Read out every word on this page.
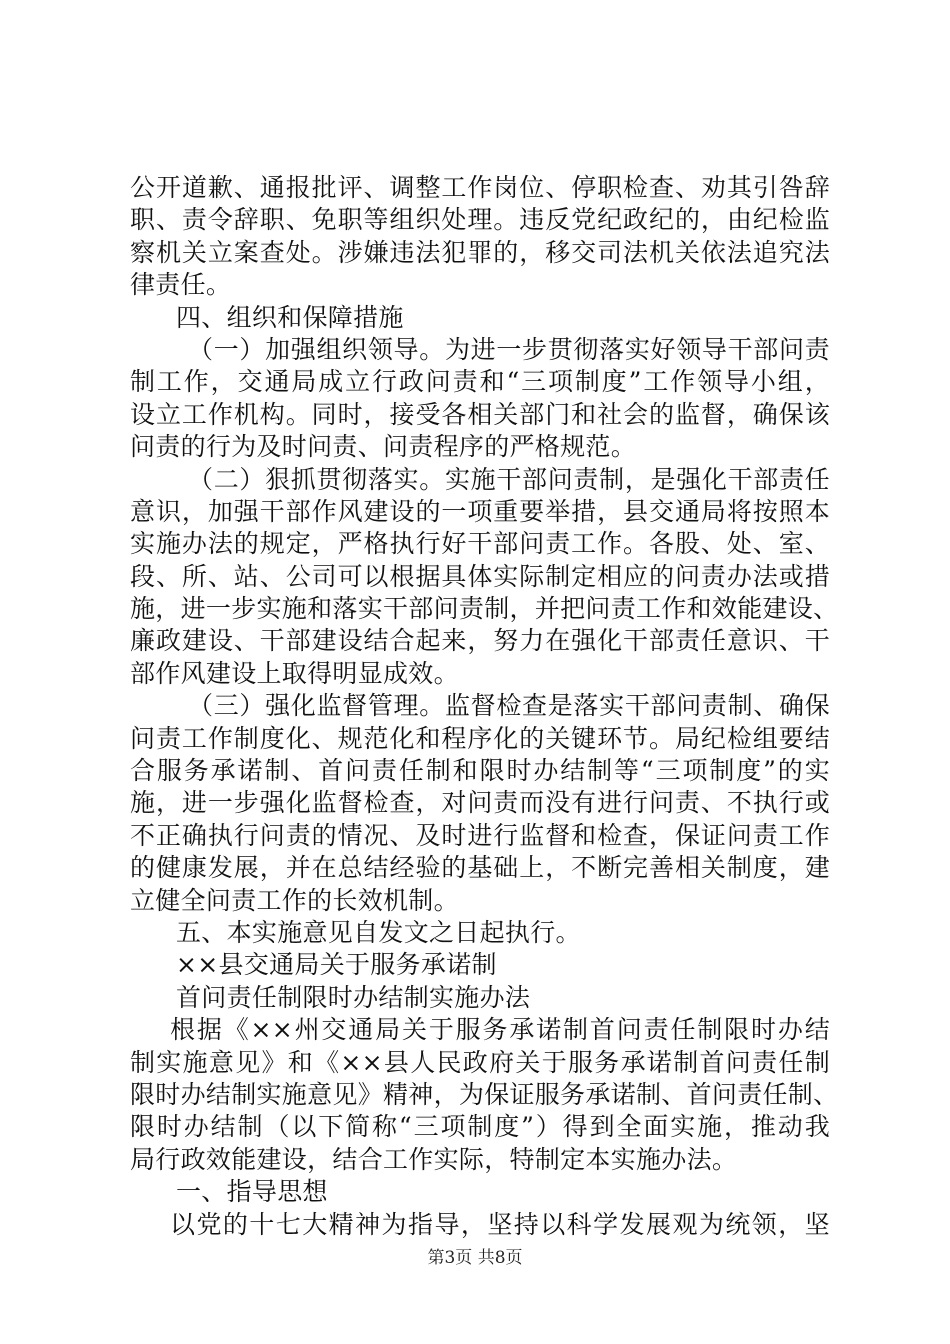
公开道歉、通报批评、调整工作岗位、停职检查、劝其引咎辞
职、责令辞职、免职等组织处理。违反党纪政纪的，由纪检监
察机关立案查处。涉嫌违法犯罪的，移交司法机关依法追究法
律责任。
四、组织和保障措施
（一）加强组织领导。为进一步贯彻落实好领导干部问责
制工作，交通局成立行政问责和“三项制度”工作领导小组，
设立工作机构。同时，接受各相关部门和社会的监督，确保该
问责的行为及时问责、问责程序的严格规范。
（二）狠抓贯彻落实。实施干部问责制，是强化干部责任
意识，加强干部作风建设的一项重要举措，县交通局将按照本
实施办法的规定，严格执行好干部问责工作。各股、处、室、
段、所、站、公司可以根据具体实际制定相应的问责办法或措
施，进一步实施和落实干部问责制，并把问责工作和效能建设、
廉政建设、干部建设结合起来，努力在强化干部责任意识、干
部作风建设上取得明显成效。
（三）强化监督管理。监督检查是落实干部问责制、确保
问责工作制度化、规范化和程序化的关键环节。局纪检组要结
合服务承诺制、首问责任制和限时办结制等“三项制度”的实
施，进一步强化监督检查，对问责而没有进行问责、不执行或
不正确执行问责的情况、及时进行监督和检查，保证问责工作
的健康发展，并在总结经验的基础上，不断完善相关制度，建
立健全问责工作的长效机制。
五、本实施意见自发文之日起执行。
××县交通局关于服务承诺制
首问责任制限时办结制实施办法
根据《××州交通局关于服务承诺制首问责任制限时办结
制实施意见》和《××县人民政府关于服务承诺制首问责任制
限时办结制实施意见》精神，为保证服务承诺制、首问责任制、
限时办结制（以下简称“三项制度”）得到全面实施，推动我
局行政效能建设，结合工作实际，特制定本实施办法。
一、指导思想
以党的十七大精神为指导，坚持以科学发展观为统领，坚
第3页 共8页
